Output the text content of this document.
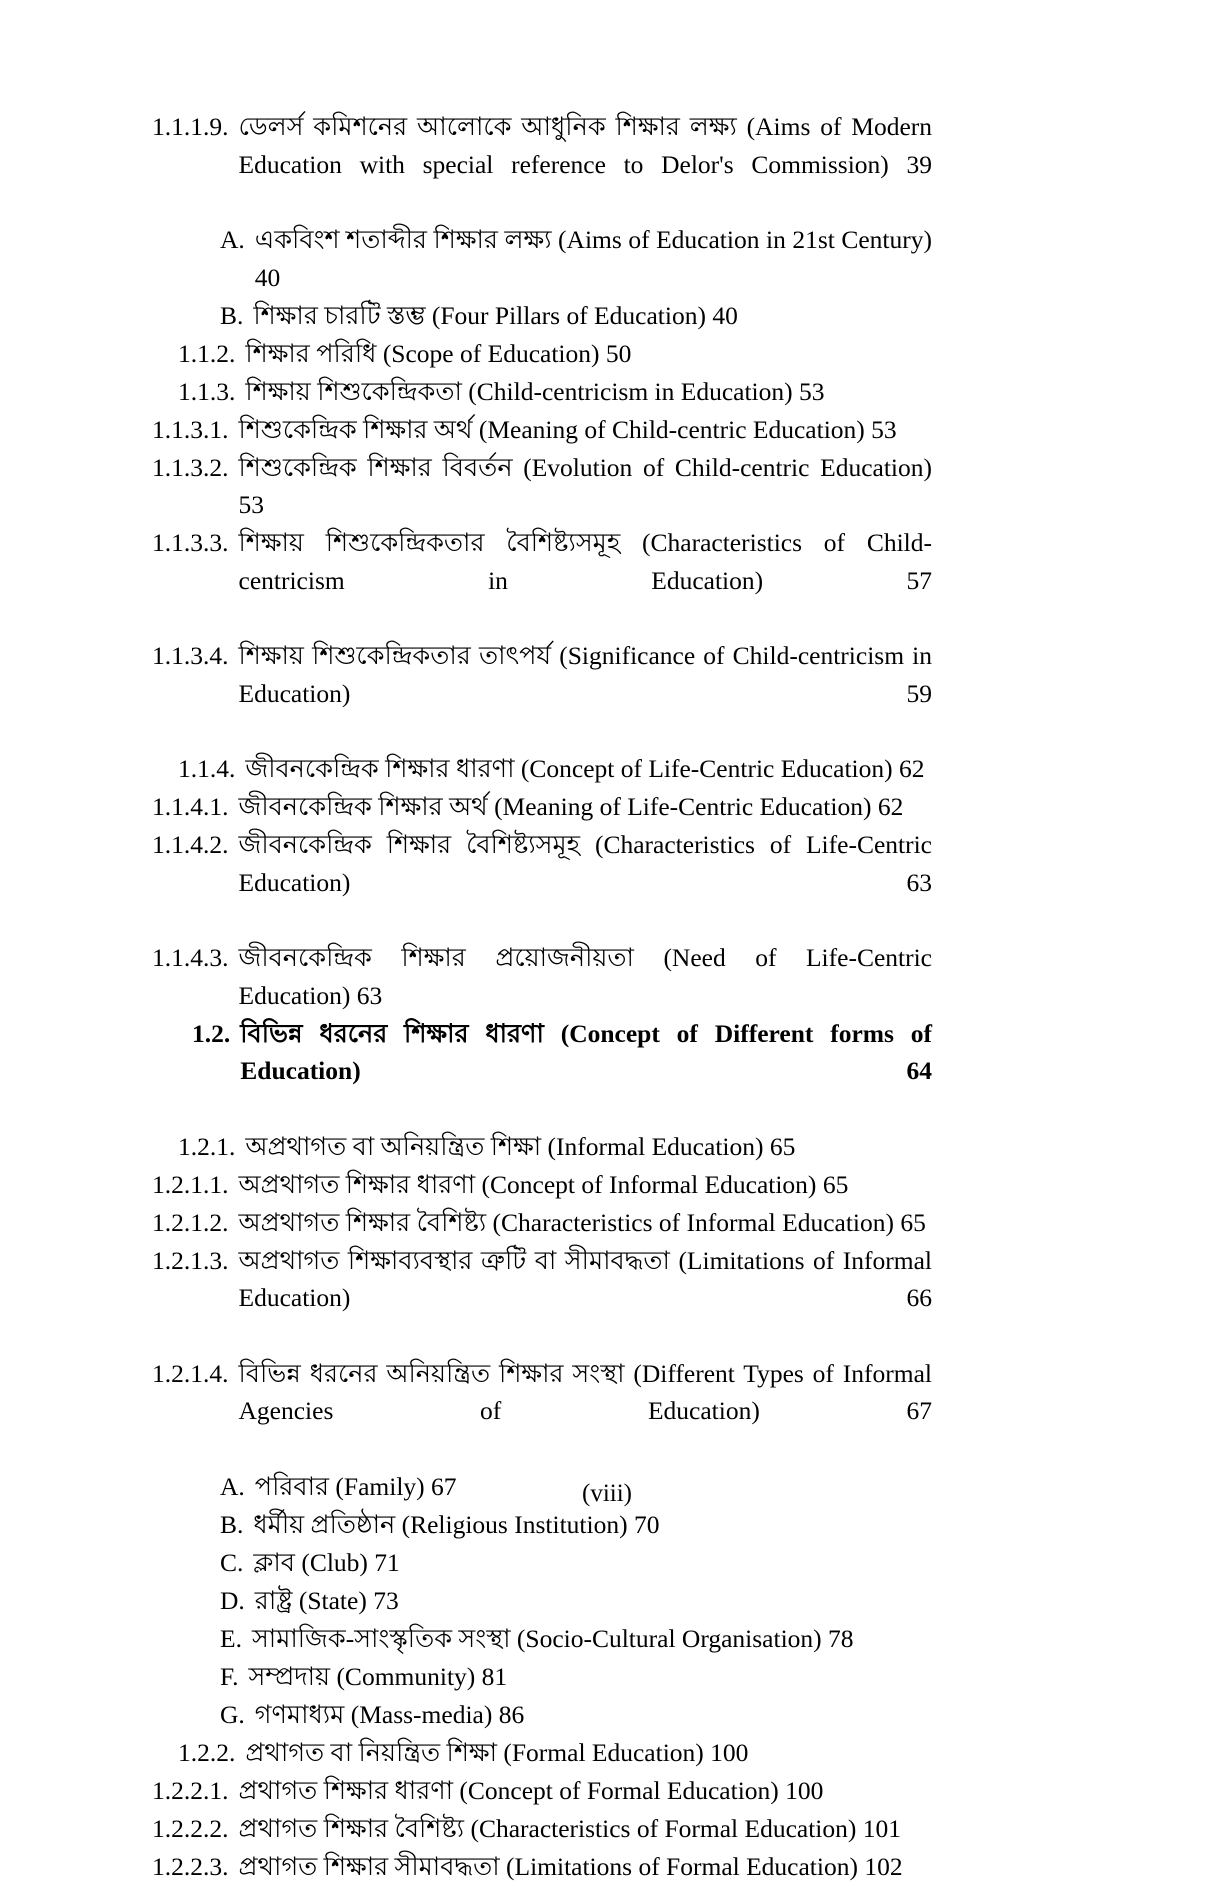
1.1.1.9. ডেলর্স কমিশনের আলোকে আধুনিক শিক্ষার লক্ষ্য (Aims of Modern Education with special reference to Delor's Commission) 39
A. একবিংশ শতাব্দীর শিক্ষার লক্ষ্য (Aims of Education in 21st Century) 40
B. শিক্ষার চারটি স্তম্ভ (Four Pillars of Education) 40
1.1.2. শিক্ষার পরিধি (Scope of Education) 50
1.1.3. শিক্ষায় শিশুকেন্দ্রিকতা (Child-centricism in Education) 53
1.1.3.1. শিশুকেন্দ্রিক শিক্ষার অর্থ (Meaning of Child-centric Education) 53
1.1.3.2. শিশুকেন্দ্রিক শিক্ষার বিবর্তন (Evolution of Child-centric Education) 53
1.1.3.3. শিক্ষায় শিশুকেন্দ্রিকতার বৈশিষ্ট্যসমূহ (Characteristics of Child-centricism in Education)	57
1.1.3.4. শিক্ষায় শিশুকেন্দ্রিকতার তাৎপর্য (Significance of Child-centricism in Education)	59
1.1.4. জীবনকেন্দ্রিক শিক্ষার ধারণা (Concept of Life-Centric Education) 62
1.1.4.1. জীবনকেন্দ্রিক শিক্ষার অর্থ (Meaning of Life-Centric Education) 62
1.1.4.2. জীবনকেন্দ্রিক শিক্ষার বৈশিষ্ট্যসমূহ (Characteristics of Life-Centric Education)	63
1.1.4.3. জীবনকেন্দ্রিক শিক্ষার প্রয়োজনীয়তা (Need of Life-Centric Education) 63
1.2. বিভিন্ন ধরনের শিক্ষার ধারণা (Concept of Different forms of Education)	64
1.2.1. অপ্রথাগত বা অনিয়ন্ত্রিত শিক্ষা (Informal Education) 65
1.2.1.1. অপ্রথাগত শিক্ষার ধারণা (Concept of Informal Education) 65
1.2.1.2. অপ্রথাগত শিক্ষার বৈশিষ্ট্য (Characteristics of Informal Education) 65
1.2.1.3. অপ্রথাগত শিক্ষাব্যবস্থার ত্রুটি বা সীমাবদ্ধতা (Limitations of Informal Education)	66
1.2.1.4. বিভিন্ন ধরনের অনিয়ন্ত্রিত শিক্ষার সংস্থা (Different Types of Informal Agencies of Education)	67
A. পরিবার (Family) 67
B. ধর্মীয় প্রতিষ্ঠান (Religious Institution) 70
C. ক্লাব (Club) 71
D. রাষ্ট্র (State) 73
E. সামাজিক-সাংস্কৃতিক সংস্থা (Socio-Cultural Organisation) 78
F. সম্প্রদায় (Community) 81
G. গণমাধ্যম (Mass-media) 86
1.2.2. প্রথাগত বা নিয়ন্ত্রিত শিক্ষা (Formal Education) 100
1.2.2.1. প্রথাগত শিক্ষার ধারণা (Concept of Formal Education) 100
1.2.2.2. প্রথাগত শিক্ষার বৈশিষ্ট্য (Characteristics of Formal Education) 101
1.2.2.3. প্রথাগত শিক্ষার সীমাবদ্ধতা (Limitations of Formal Education) 102
(viii)
